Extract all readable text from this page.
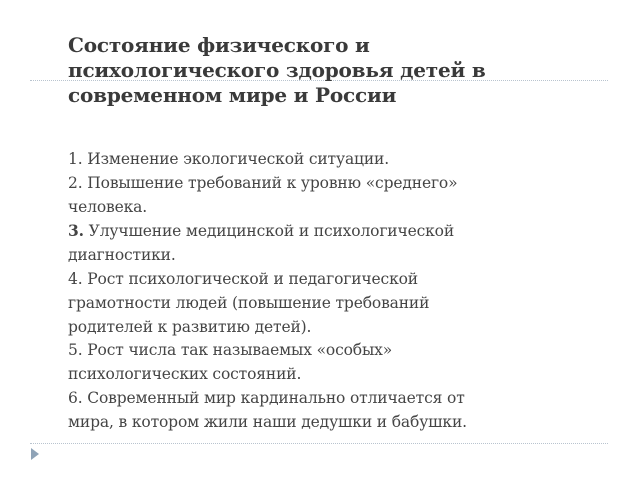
Состояние физического и
психологического здоровья детей в
современном мире и России
1. Изменение экологической ситуации.
2. Повышение требований к уровню «среднего»
человека.
3. Улучшение медицинской и психологической
диагностики.
4. Рост психологической и педагогической
грамотности людей (повышение требований
родителей к развитию детей).
5. Рост числа так называемых «особых»
психологических состояний.
6. Современный мир кардинально отличается от
мира, в котором жили наши дедушки и бабушки.
